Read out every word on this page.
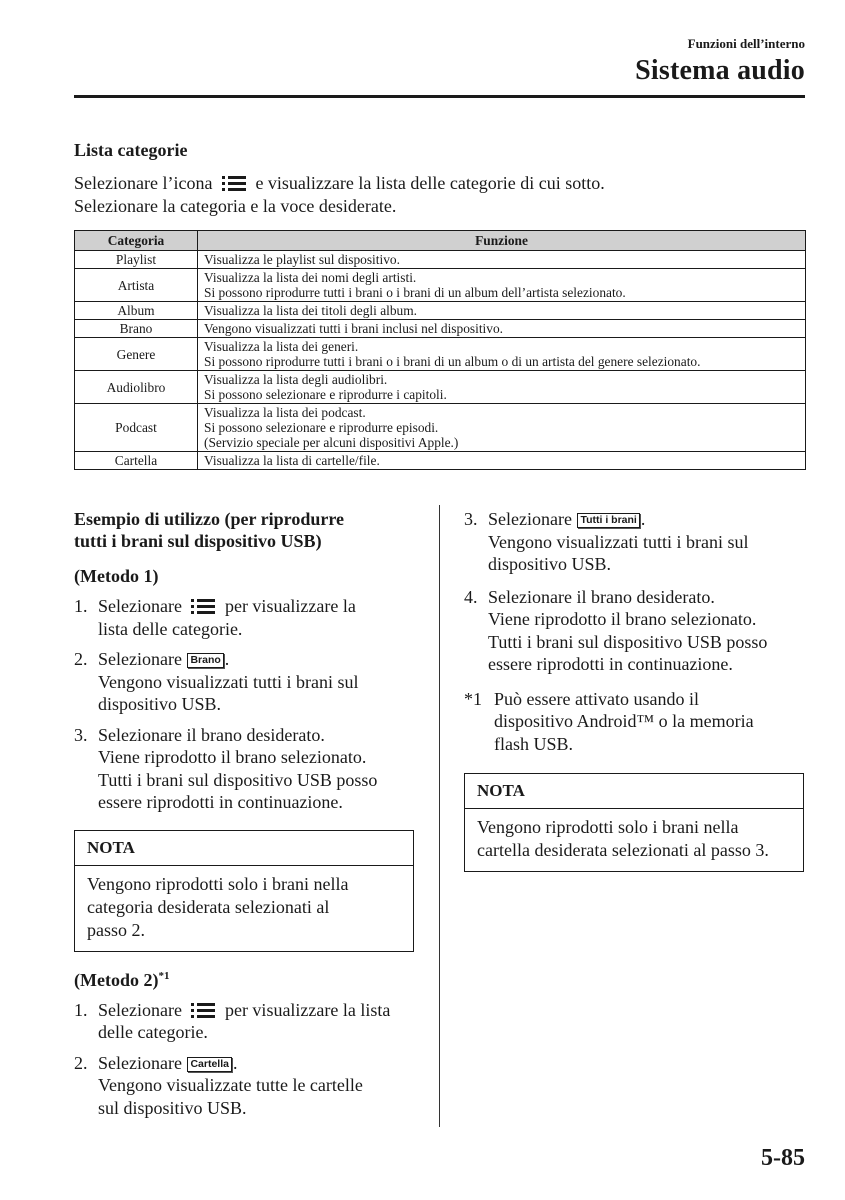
Funzioni dell’interno
Sistema audio
Lista categorie
Selezionare l’icona e visualizzare la lista delle categorie di cui sotto.
Selezionare la categoria e la voce desiderate.
Categoria	Funzione
Playlist	Visualizza le playlist sul dispositivo.

Artista	Visualizza la lista dei nomi degli artisti.
Si possono riprodurre tutti i brani o i brani di un album dell’artista selezionato.

Album	Visualizza la lista dei titoli degli album.

Brano	Vengono visualizzati tutti i brani inclusi nel dispositivo.

Genere	Visualizza la lista dei generi.
Si possono riprodurre tutti i brani o i brani di un album o di un artista del genere selezionato.

Audiolibro	Visualizza la lista degli audiolibri.
Si possono selezionare e riprodurre i capitoli.

Podcast	Visualizza la lista dei podcast.
Si possono selezionare e riprodurre episodi.
(Servizio speciale per alcuni dispositivi Apple.)

Cartella	Visualizza la lista di cartelle/file.
Esempio di utilizzo (per riprodurre
tutti i brani sul dispositivo USB)
(Metodo 1)
1. Selezionare per visualizzare la
lista delle categorie.
2. Selezionare Brano .
Vengono visualizzati tutti i brani sul
dispositivo USB.
3. Selezionare il brano desiderato.
Viene riprodotto il brano selezionato.
Tutti i brani sul dispositivo USB posso
essere riprodotti in continuazione.
NOTA
Vengono riprodotti solo i brani nella
categoria desiderata selezionati al
passo 2.
(Metodo 2)$^{*1}$
1. Selezionare per visualizzare la lista
delle categorie.
2. Selezionare Cartella .
Vengono visualizzate tutte le cartelle
sul dispositivo USB.
3. Selezionare Tutti i brani .
Vengono visualizzati tutti i brani sul
dispositivo USB.
4. Selezionare il brano desiderato.
Viene riprodotto il brano selezionato.
Tutti i brani sul dispositivo USB posso
essere riprodotti in continuazione.
*1 Può essere attivato usando il
dispositivo Android™ o la memoria
flash USB.
NOTA
Vengono riprodotti solo i brani nella
cartella desiderata selezionati al passo 3.
5-85
